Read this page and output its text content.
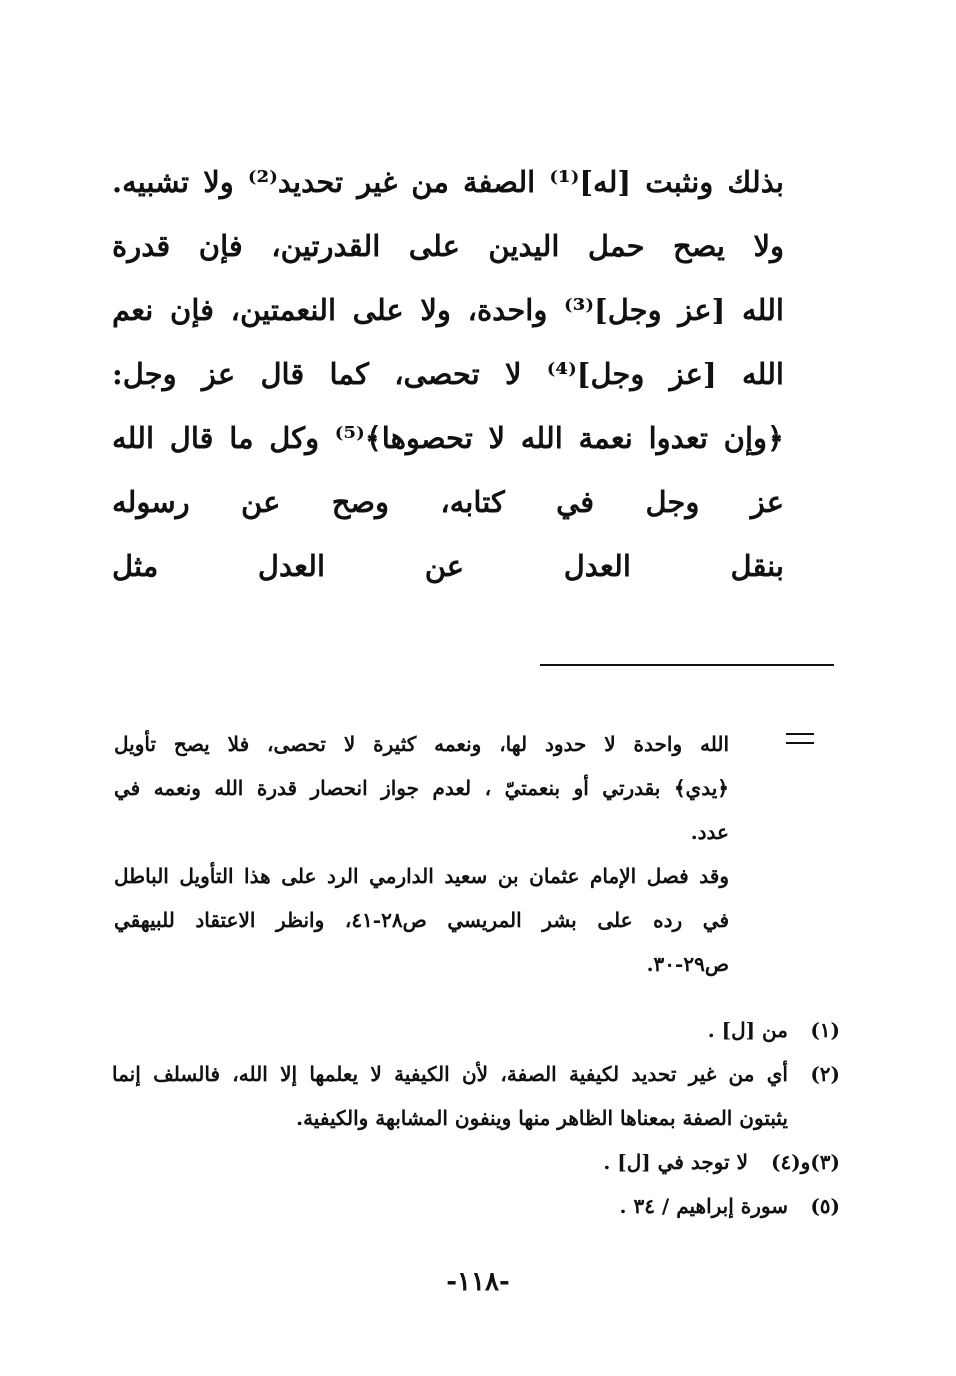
بذلك ونثبت [له]⁽¹⁾ الصفة من غير تحديد⁽²⁾ ولا تشبيه.
ولا يصح حمل اليدين على القدرتين، فإن قدرة
الله [عز وجل]⁽³⁾ واحدة، ولا على النعمتين، فإن نعم
الله [عز وجل]⁽⁴⁾ لا تحصى، كما قال عز وجل:
﴿وإن تعدوا نعمة الله لا تحصوها﴾⁽⁵⁾ وكل ما قال الله
عز وجل في كتابه، وصح عن رسوله
بنقل العدل عن العدل مثل
الله واحدة لا حدود لها، ونعمه كثيرة لا تحصى، فلا يصح تأويل
﴿يدي﴾ بقدرتي أو بنعمتيّ ، لعدم جواز انحصار قدرة الله ونعمه في
عدد.
وقد فصل الإمام عثمان بن سعيد الدارمي الرد على هذا التأويل الباطل
في رده على بشر المريسي ص٢٨-٤١، وانظر الاعتقاد للبيهقي
ص٢٩-٣٠.
(١)
من [ل] .
(٢)
أي من غير تحديد لكيفية الصفة، لأن الكيفية لا يعلمها إلا الله، فالسلف إنما
يثبتون الصفة بمعناها الظاهر منها وينفون المشابهة والكيفية.
(٣)و(٤)
لا توجد في [ل] .
(٥)
سورة إبراهيم / ٣٤ .
-١١٨-
